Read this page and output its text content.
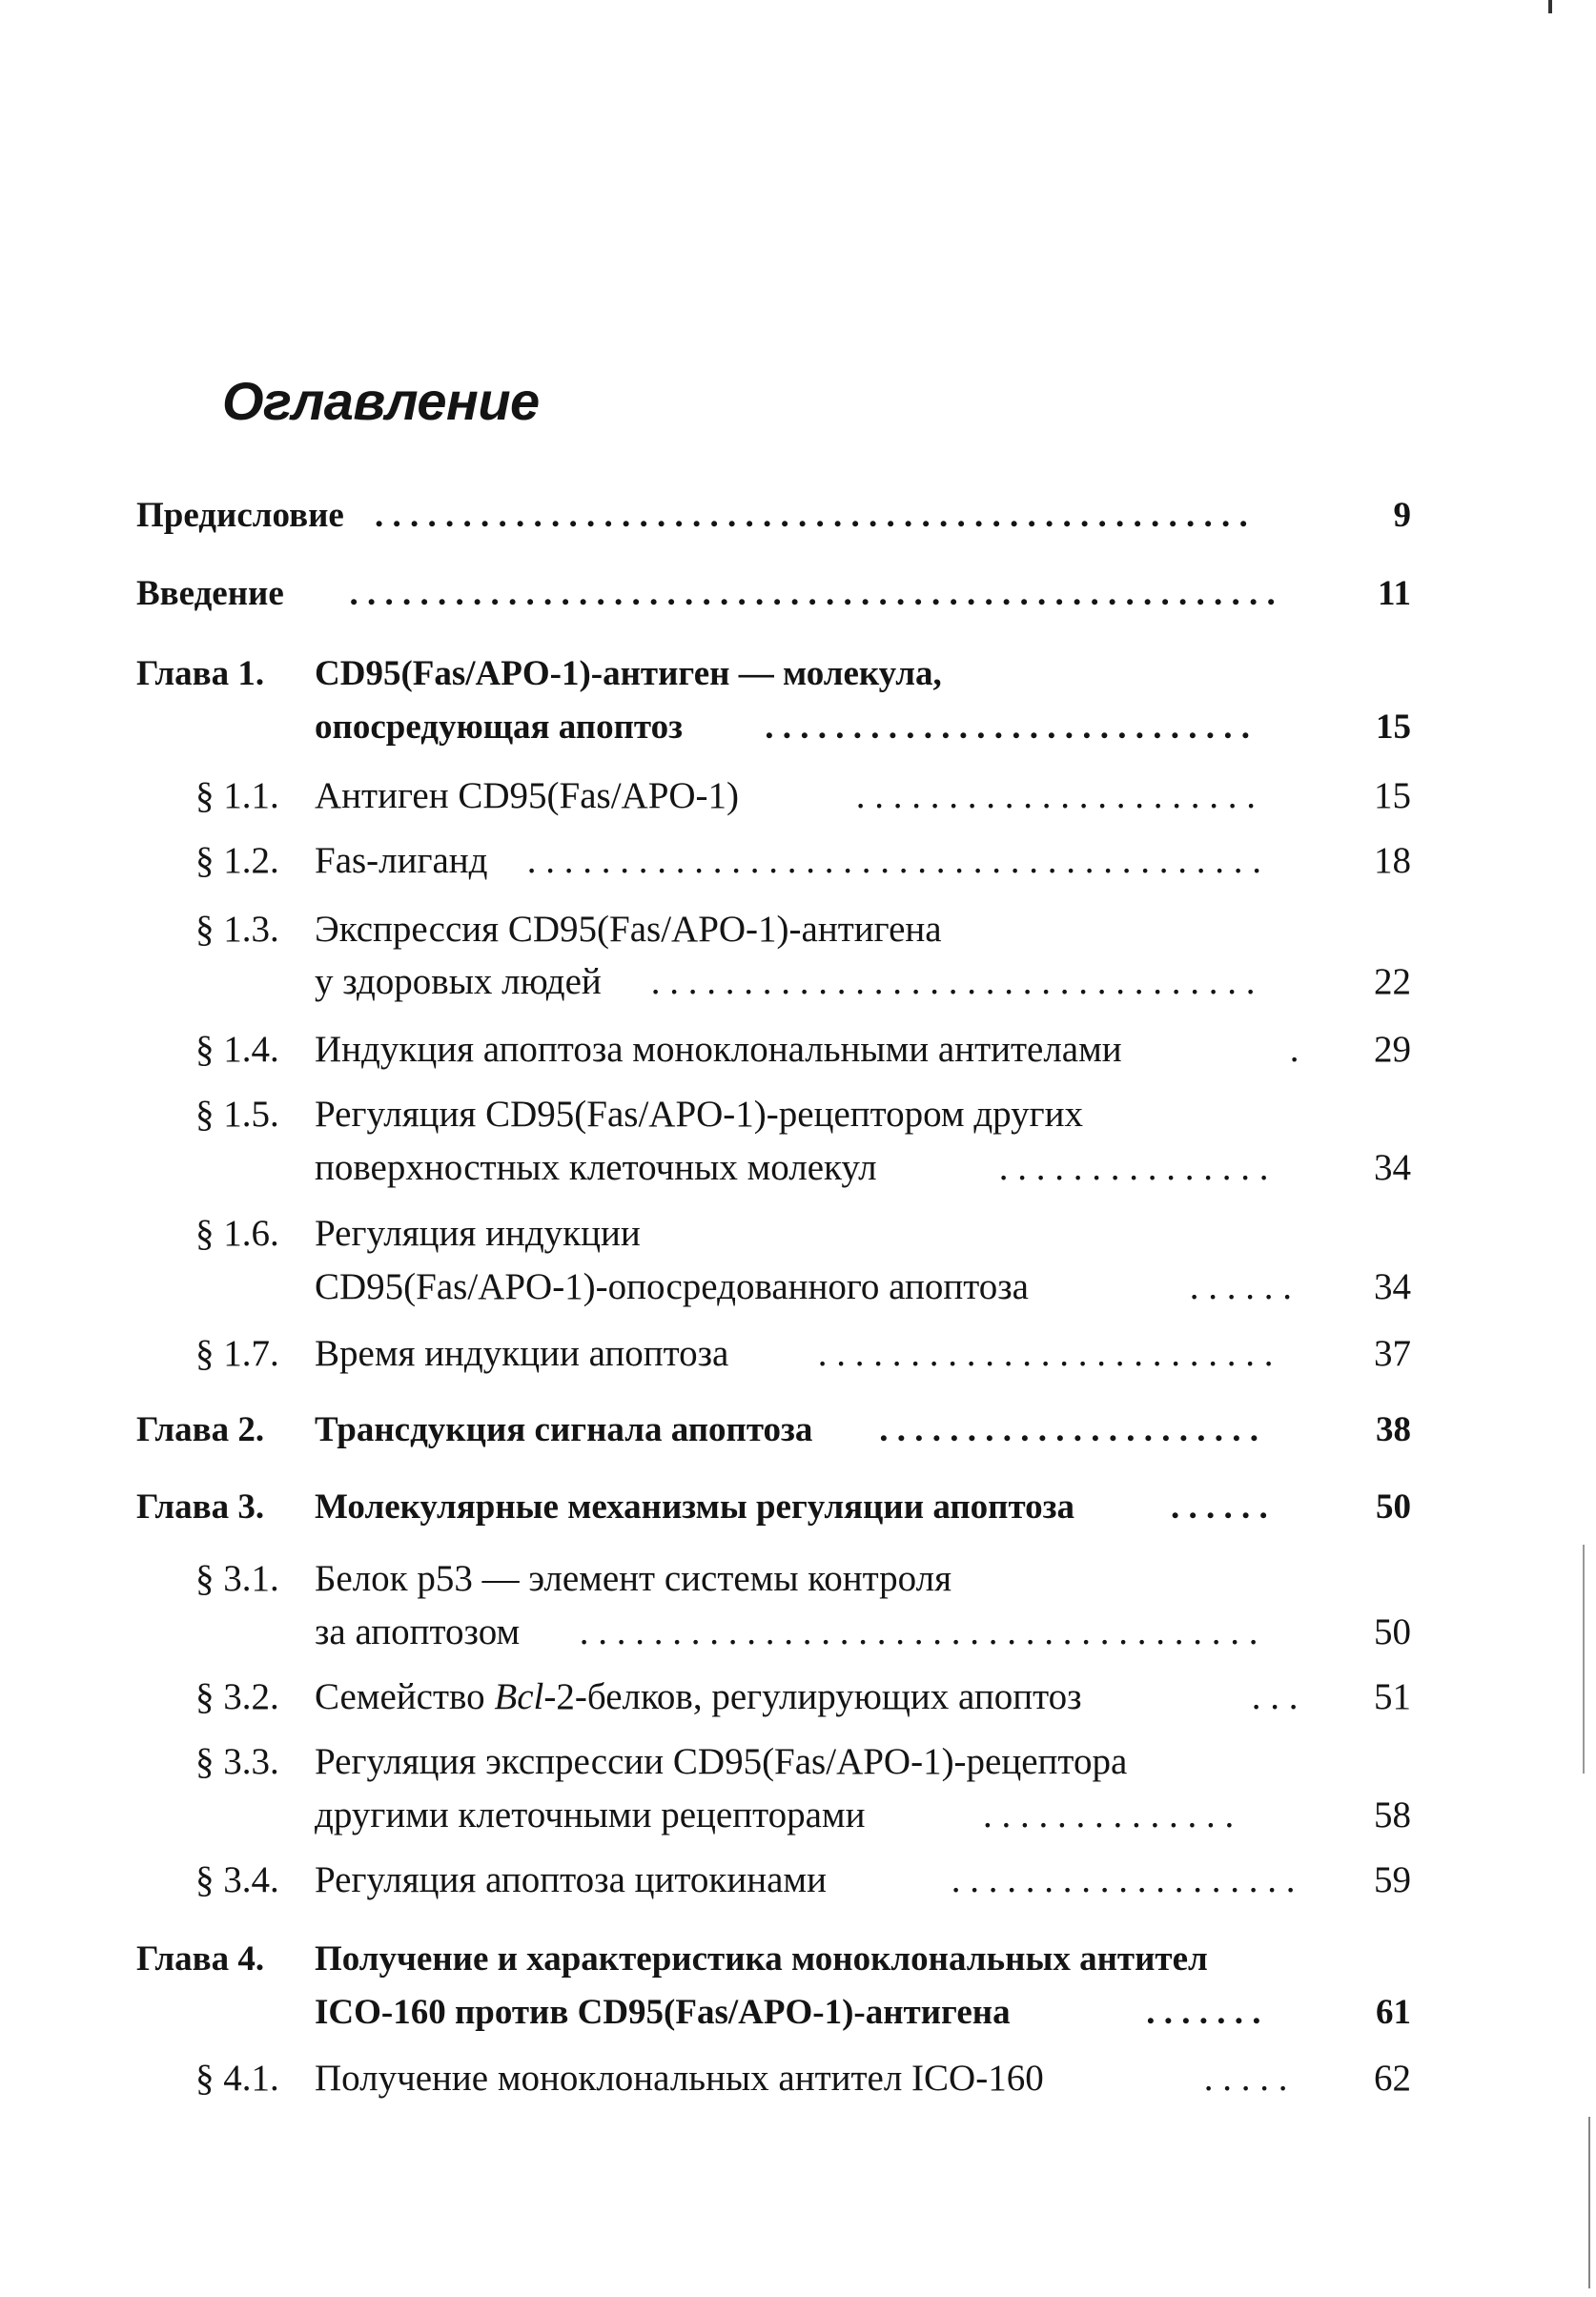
Оглавление
Предисловие . . . . . . . . . . . . . . . . . . . . . . . . . . . . . . . . . . . . . . . . . . . . . . . . . .	9
Введение . . . . . . . . . . . . . . . . . . . . . . . . . . . . . . . . . . . . . . . . . . . . . . . . . . . . .	11
Глава 1. CD95(Fas/APO-1)-антиген — молекула,
опосредующая апоптоз . . . . . . . . . . . . . . . . . . . . . . . . . . . .	15
§ 1.1. Антиген CD95(Fas/APO-1)	. . . . . . . . . . . . . . . . . . . . . .	15
§ 1.2. Fas-лиганд . . . . . . . . . . . . . . . . . . . . . . . . . . . . . . . . . . . . . . . .	18
§ 1.3. Экспрессия CD95(Fas/APO-1)-антигена
у здоровых людей . . . . . . . . . . . . . . . . . . . . . . . . . . . . . . . . .	22
§ 1.4. Индукция апоптоза моноклональными антителами	.	29
§ 1.5. Регуляция CD95(Fas/APO-1)-рецептором других
поверхностных клеточных молекул	. . . . . . . . . . . . . . .	34
§ 1.6. Регуляция индукции
CD95(Fas/APO-1)-опосредованного апоптоза	. . . . . .	34
§ 1.7. Время индукции апоптоза . . . . . . . . . . . . . . . . . . . . . . . . .	37
Глава 2. Трансдукция сигнала апоптоза . . . . . . . . . . . . . . . . . . . . . .	38
Глава 3. Молекулярные механизмы регуляции апоптоза	. . . . . .	50
§ 3.1. Белок p53 — элемент системы контроля
за апоптозом . . . . . . . . . . . . . . . . . . . . . . . . . . . . . . . . . . . . .	50
§ 3.2. Семейство Bcl-2-белков, регулирующих апоптоз	. . .	51
§ 3.3. Регуляция экспрессии CD95(Fas/APO-1)-рецептора
другими клеточными рецепторами	. . . . . . . . . . . . . .	58
§ 3.4. Регуляция апоптоза цитокинами	. . . . . . . . . . . . . . . . . . .	59
Глава 4. Получение и характеристика моноклональных антител
ICO-160 против CD95(Fas/APO-1)-антигена	. . . . . . .	61
§ 4.1. Получение моноклональных антител ICO-160	. . . . .	62
